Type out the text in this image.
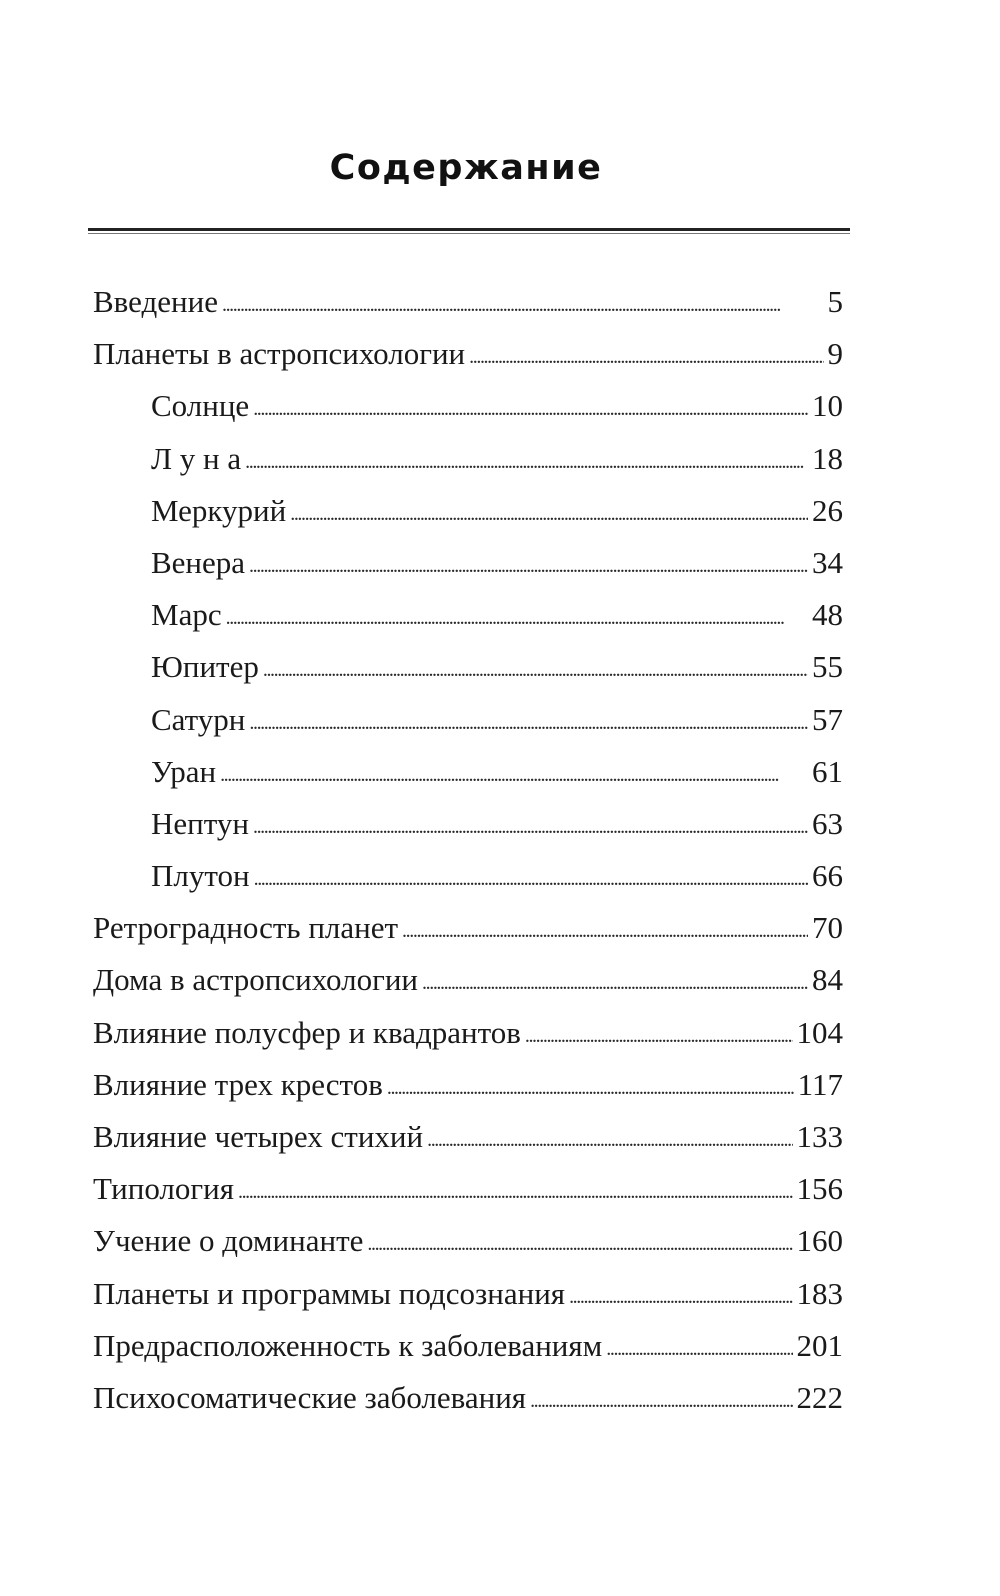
Содержание
Введение . . .	5
Планеты в астропсихологии . . .	9
Солнце . . .	10
Л у н а . . .	18
Меркурий . . .	26
Венера . . .	34
Марс . . .	48
Юпитер . . .	55
Сатурн . . .	57
Уран . . .	61
Нептун . . .	63
Плутон . . .	66
Ретроградность планет . . .	70
Дома в астропсихологии . . .	84
Влияние полусфер и квадрантов . . .	104
Влияние трех крестов . . .	117
Влияние четырех стихий . . .	133
Типология . . .	156
Учение о доминанте . . .	160
Планеты и программы подсознания . . .	183
Предрасположенность к заболеваниям . . .	201
Психосоматические заболевания . . .	222
